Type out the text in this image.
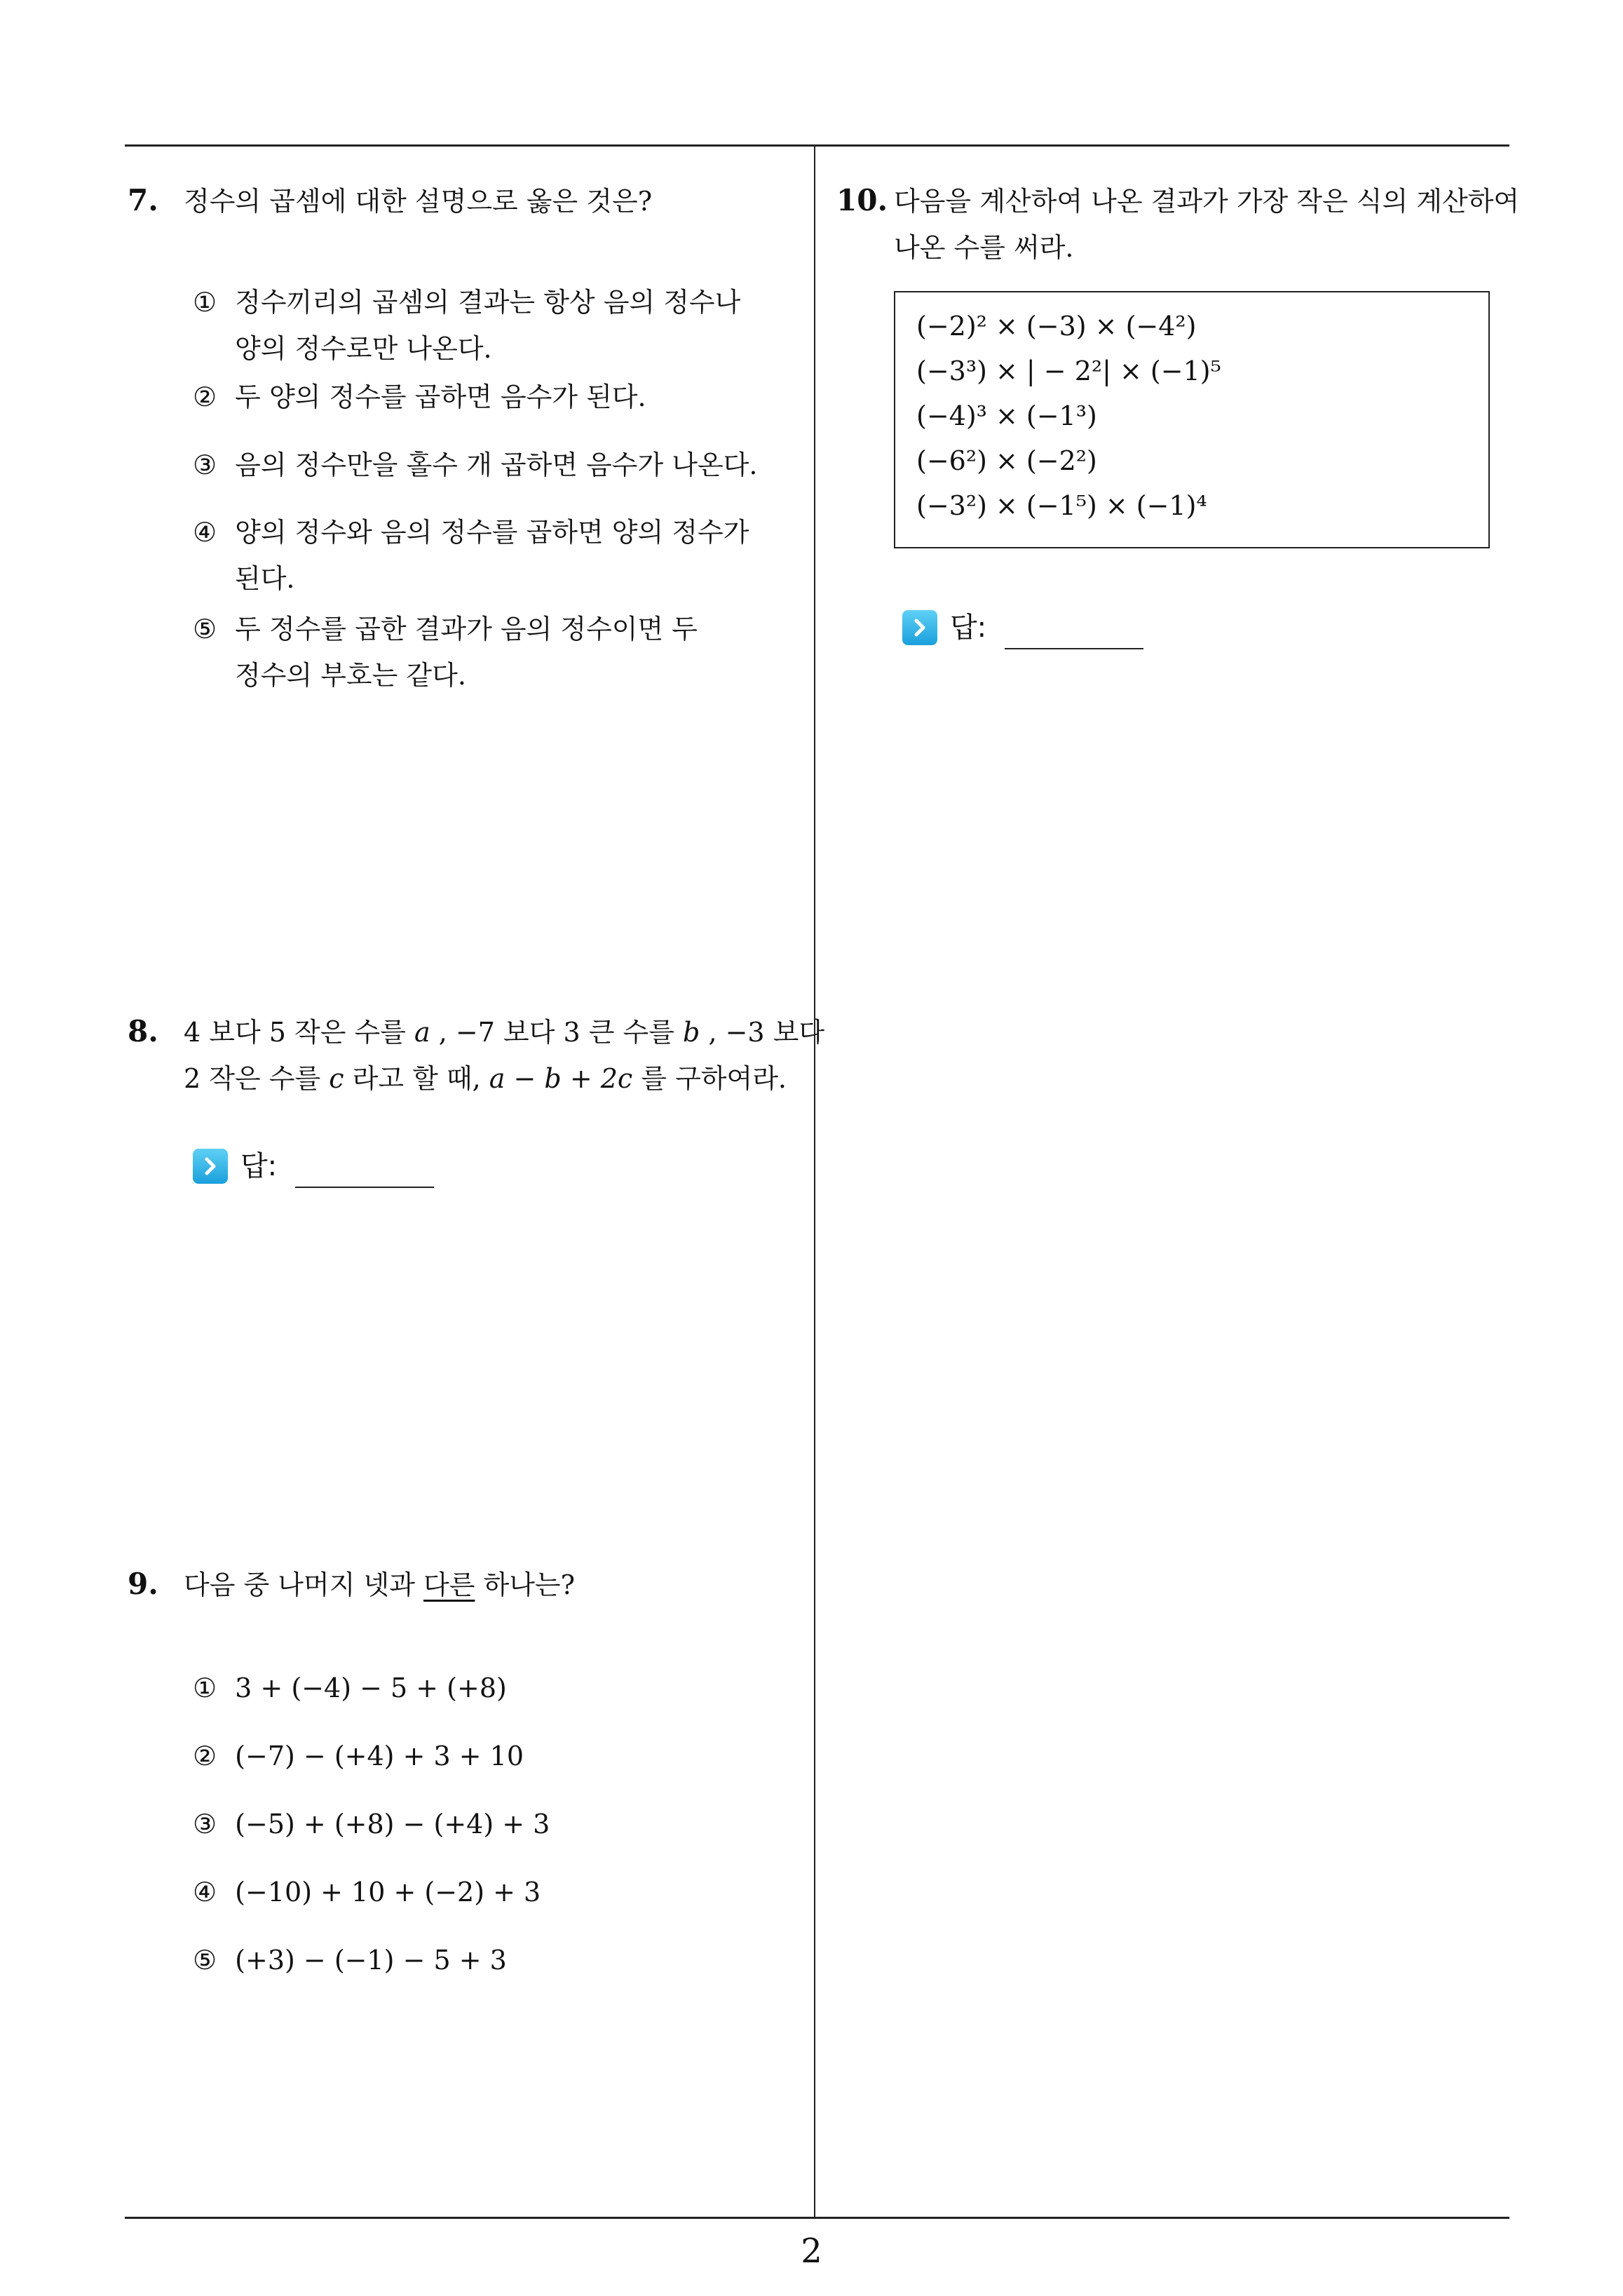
7. 정수의 곱셈에 대한 설명으로 옳은 것은?
① 정수끼리의 곱셈의 결과는 항상 음의 정수나
양의 정수로만 나온다.
② 두 양의 정수를 곱하면 음수가 된다.
③ 음의 정수만을 홀수 개 곱하면 음수가 나온다.
④ 양의 정수와 음의 정수를 곱하면 양의 정수가
된다.
⑤ 두 정수를 곱한 결과가 음의 정수이면 두
정수의 부호는 같다.
8. 4 보다 5 작은 수를 a , −7 보다 3 큰 수를 b , −3 보다
2 작은 수를 c 라고 할 때, a − b + 2c 를 구하여라.
답:
9. 다음 중 나머지 넷과 다른 하나는?
① 3 + (−4) − 5 + (+8)
② (−7) − (+4) + 3 + 10
③ (−5) + (+8) − (+4) + 3
④ (−10) + 10 + (−2) + 3
⑤ (+3) − (−1) − 5 + 3
10. 다음을 계산하여 나온 결과가 가장 작은 식의 계산하여
나온 수를 써라.
(−2)² × (−3) × (−4²)
(−3³) × | − 2²| × (−1)⁵
(−4)³ × (−1³)
(−6²) × (−2²)
(−3²) × (−1⁵) × (−1)⁴
답:
2
